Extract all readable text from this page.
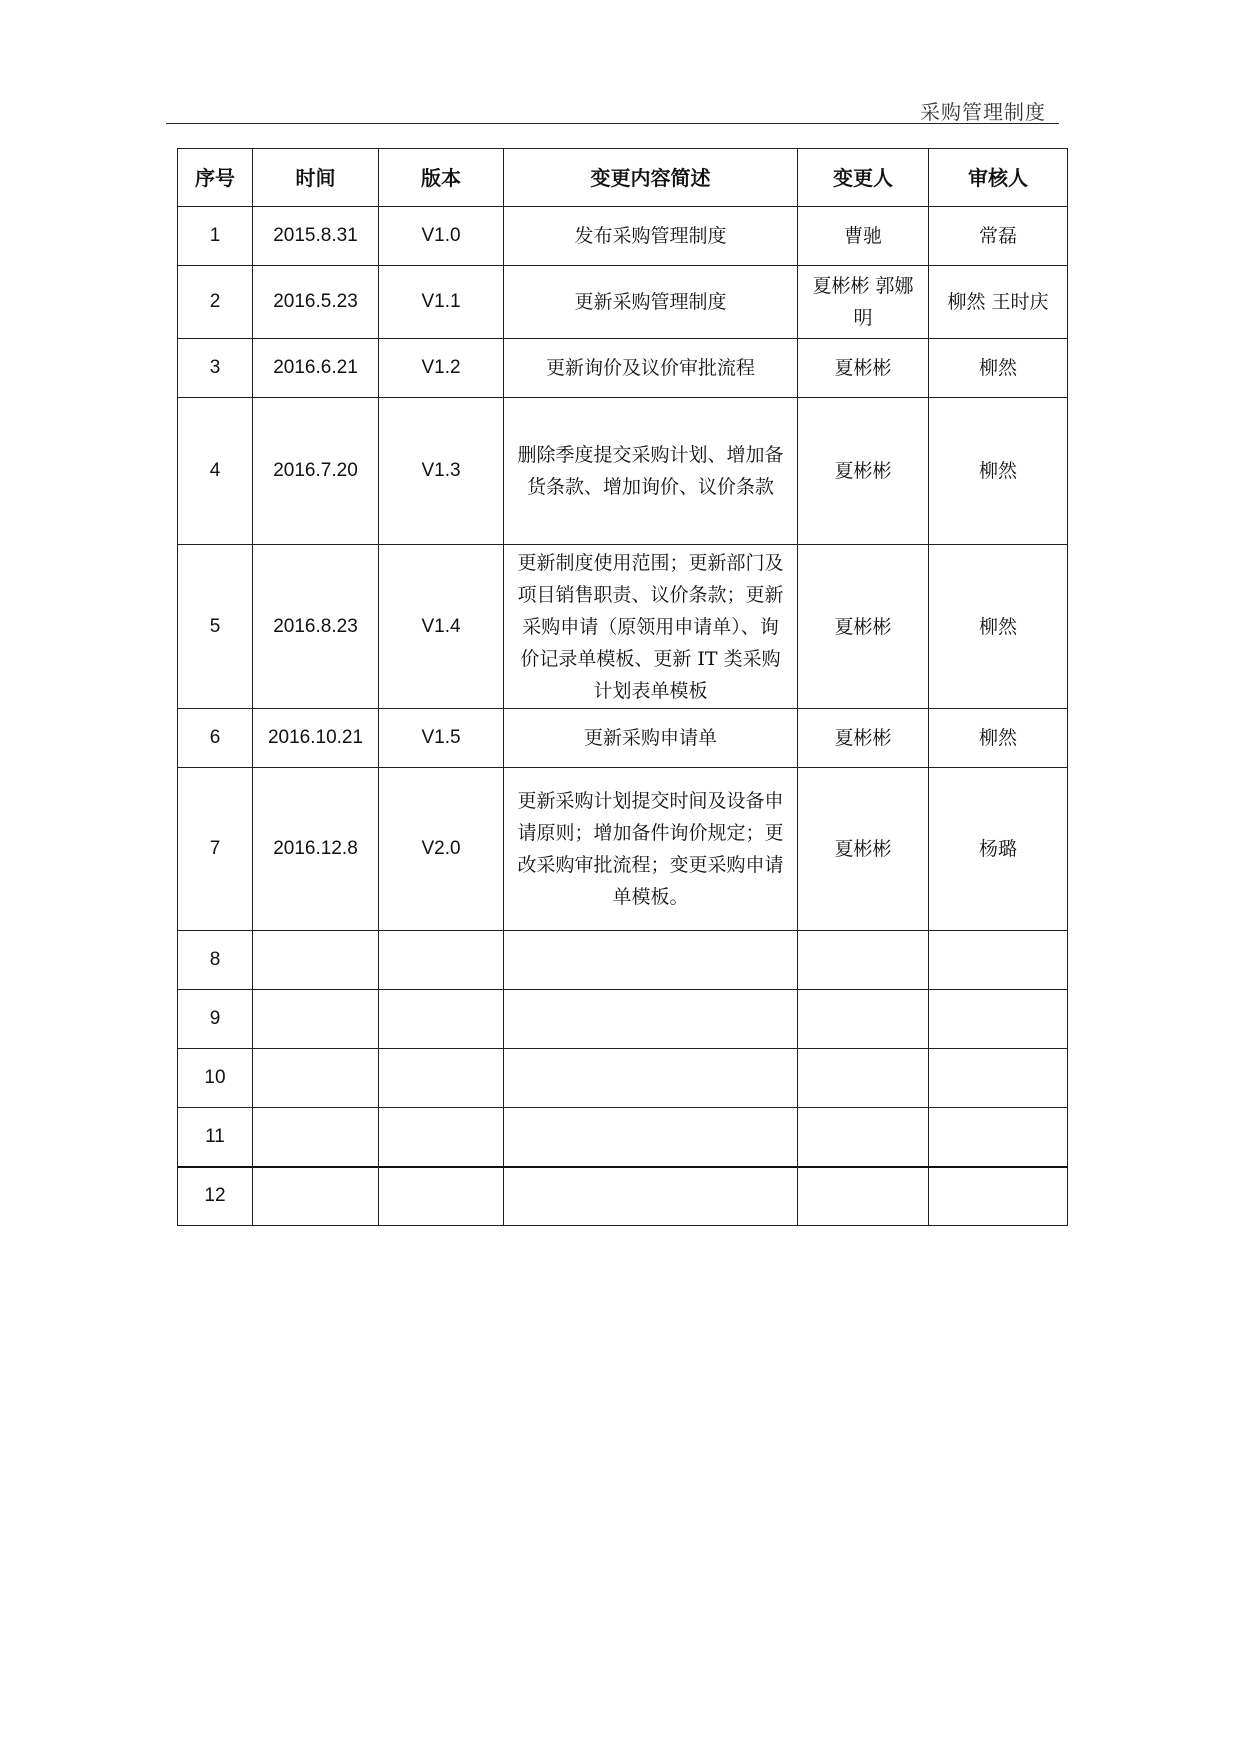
采购管理制度
序号	时间	版本	变更内容简述	变更人	审核人
1	2015.8.31	V1.0	发布采购管理制度	曹驰	常磊
2	2016.5.23	V1.1	更新采购管理制度	夏彬彬 郭娜明	柳然 王时庆
3	2016.6.21	V1.2	更新询价及议价审批流程	夏彬彬	柳然
4	2016.7.20	V1.3	删除季度提交采购计划、增加备货条款、增加询价、议价条款	夏彬彬	柳然
5	2016.8.23	V1.4	更新制度使用范围；更新部门及项目销售职责、议价条款；更新采购申请（原领用申请单）、询价记录单模板、更新 IT 类采购计划表单模板	夏彬彬	柳然
6	2016.10.21	V1.5	更新采购申请单	夏彬彬	柳然
7	2016.12.8	V2.0	更新采购计划提交时间及设备申请原则；增加备件询价规定；更改采购审批流程；变更采购申请单模板。	夏彬彬	杨璐
8					
9					
10					
11					
12					
